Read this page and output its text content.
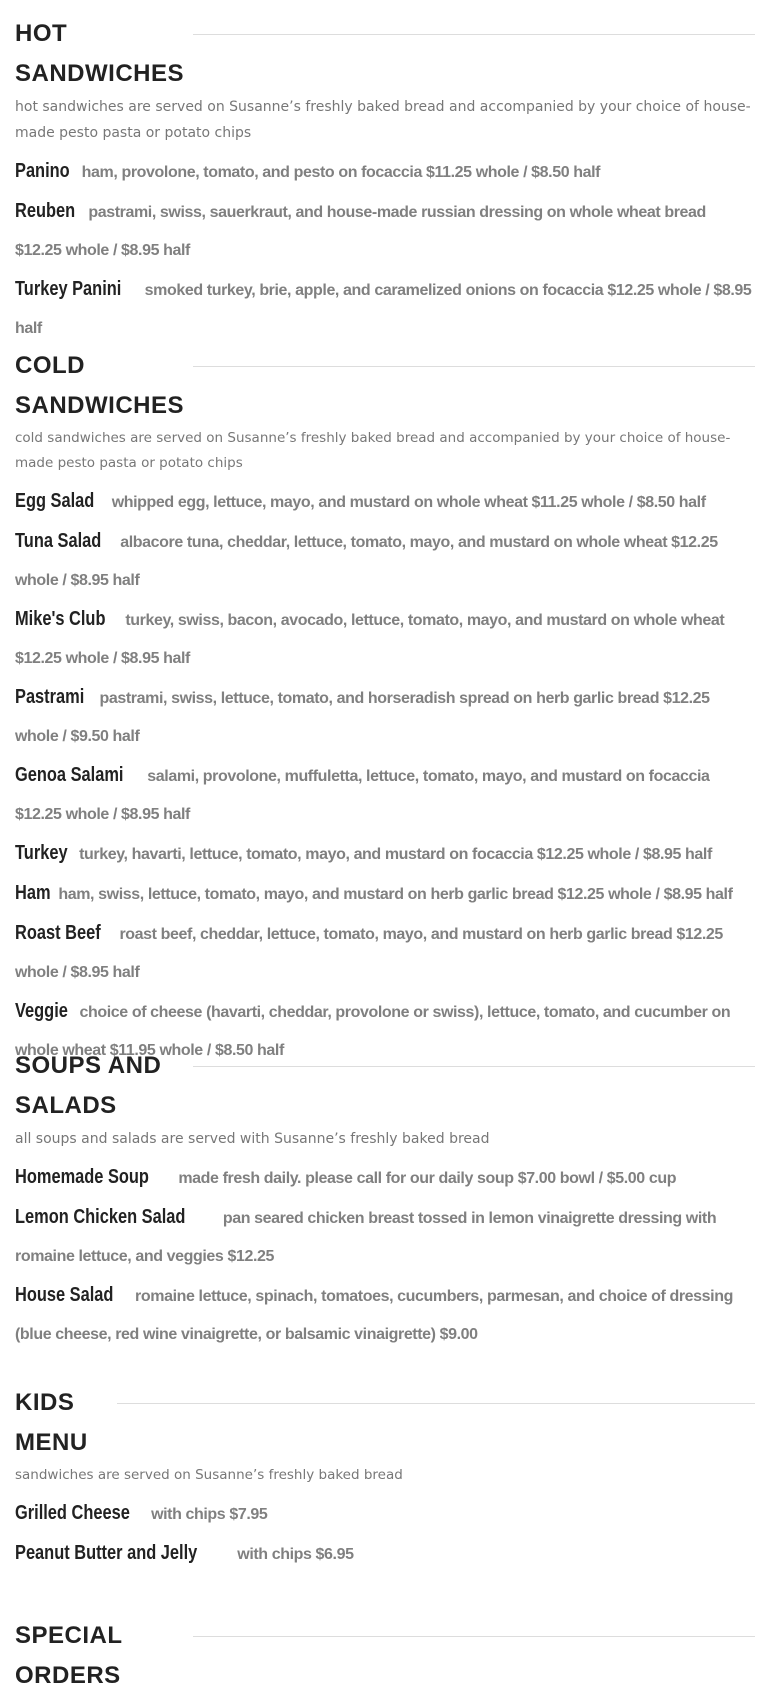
HOT
SANDWICHES

hot sandwiches are served on Susanne’s freshly baked bread and accompanied by your choice of house-made pesto pasta or potato chips

Panino ham, provolone, tomato, and pesto on focaccia $11.25 whole / $8.50 half

Reuben pastrami, swiss, sauerkraut, and house-made russian dressing on whole wheat bread $12.25 whole / $8.95 half

Turkey Panini smoked turkey, brie, apple, and caramelized onions on focaccia $12.25 whole / $8.95 half

COLD
SANDWICHES

cold sandwiches are served on Susanne’s freshly baked bread and accompanied by your choice of house-made pesto pasta or potato chips

Egg Salad whipped egg, lettuce, mayo, and mustard on whole wheat $11.25 whole / $8.50 half

Tuna Salad albacore tuna, cheddar, lettuce, tomato, mayo, and mustard on whole wheat $12.25 whole / $8.95 half

Mike's Club turkey, swiss, bacon, avocado, lettuce, tomato, mayo, and mustard on whole wheat $12.25 whole / $8.95 half

Pastrami pastrami, swiss, lettuce, tomato, and horseradish spread on herb garlic bread $12.25 whole / $9.50 half

Genoa Salami salami, provolone, muffuletta, lettuce, tomato, mayo, and mustard on focaccia $12.25 whole / $8.95 half

Turkey turkey, havarti, lettuce, tomato, mayo, and mustard on focaccia $12.25 whole / $8.95 half

Ham ham, swiss, lettuce, tomato, mayo, and mustard on herb garlic bread $12.25 whole / $8.95 half

Roast Beef roast beef, cheddar, lettuce, tomato, mayo, and mustard on herb garlic bread $12.25 whole / $8.95 half

Veggie choice of cheese (havarti, cheddar, provolone or swiss), lettuce, tomato, and cucumber on whole wheat $11.95 whole / $8.50 half

SOUPS AND
SALADS

all soups and salads are served with Susanne’s freshly baked bread

Homemade Soup made fresh daily. please call for our daily soup $7.00 bowl / $5.00 cup

Lemon Chicken Salad pan seared chicken breast tossed in lemon vinaigrette dressing with romaine lettuce, and veggies $12.25

House Salad romaine lettuce, spinach, tomatoes, cucumbers, parmesan, and choice of dressing (blue cheese, red wine vinaigrette, or balsamic vinaigrette) $9.00

KIDS
MENU

sandwiches are served on Susanne’s freshly baked bread

Grilled Cheese with chips $7.95

Peanut Butter and Jelly	with chips $6.95

SPECIAL
ORDERS
